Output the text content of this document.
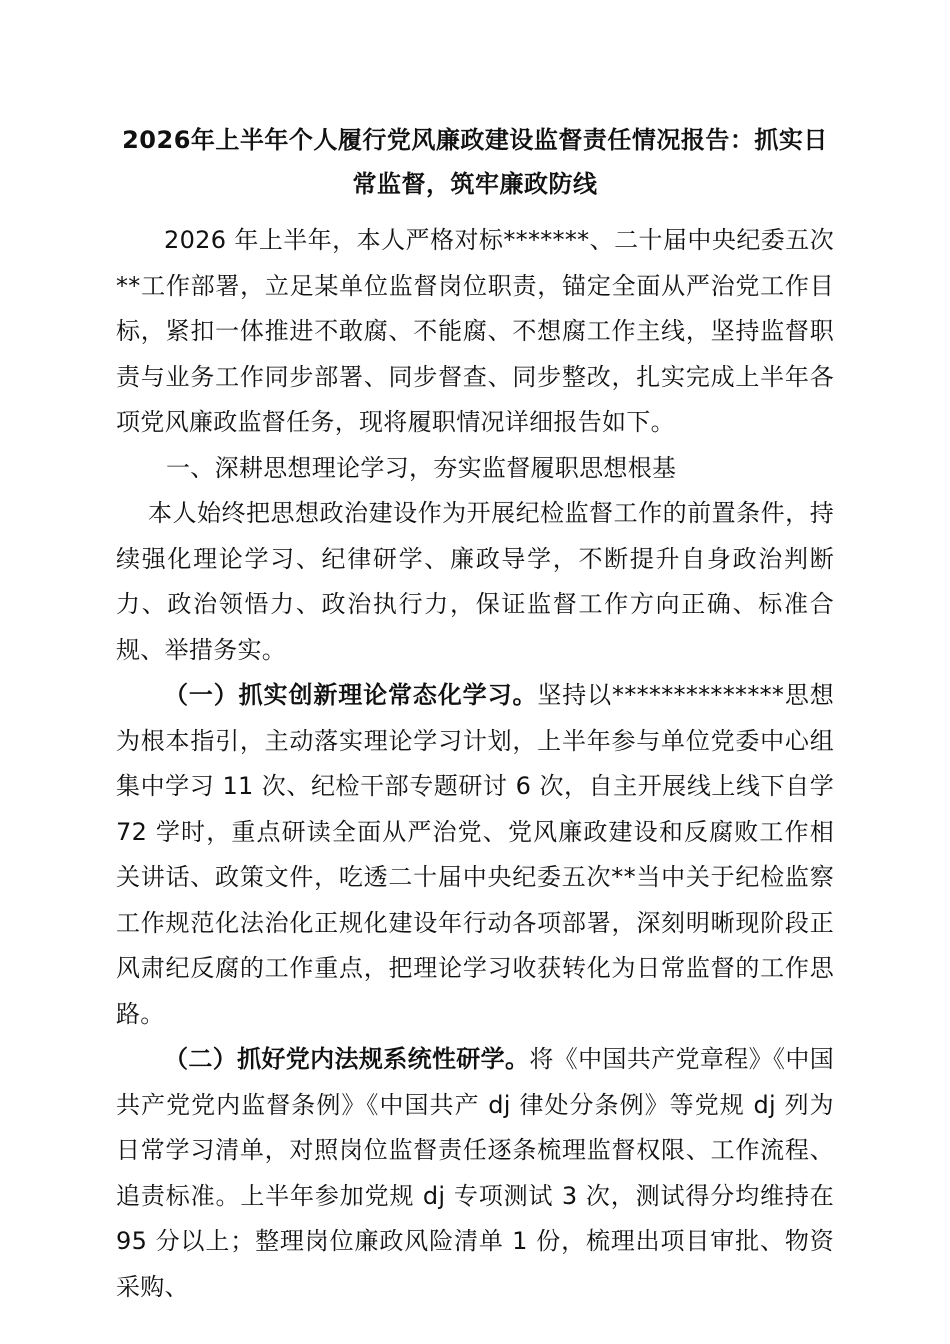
2026年上半年个人履行党风廉政建设监督责任情况报告：抓实日常监督，筑牢廉政防线

2026 年上半年，本人严格对标*******、二十届中央纪委五次**工作部署，立足某单位监督岗位职责，锚定全面从严治党工作目标，紧扣一体推进不敢腐、不能腐、不想腐工作主线，坚持监督职责与业务工作同步部署、同步督查、同步整改，扎实完成上半年各项党风廉政监督任务，现将履职情况详细报告如下。

一、深耕思想理论学习，夯实监督履职思想根基

本人始终把思想政治建设作为开展纪检监督工作的前置条件，持续强化理论学习、纪律研学、廉政导学，不断提升自身政治判断力、政治领悟力、政治执行力，保证监督工作方向正确、标准合规、举措务实。

（一）抓实创新理论常态化学习。坚持以**************思想为根本指引，主动落实理论学习计划，上半年参与单位党委中心组集中学习 11 次、纪检干部专题研讨 6 次，自主开展线上线下自学 72 学时，重点研读全面从严治党、党风廉政建设和反腐败工作相关讲话、政策文件，吃透二十届中央纪委五次**当中关于纪检监察工作规范化法治化正规化建设年行动各项部署，深刻明晰现阶段正风肃纪反腐的工作重点，把理论学习收获转化为日常监督的工作思路。

（二）抓好党内法规系统性研学。将《中国共产党章程》《中国共产党党内监督条例》《中国共产 dj 律处分条例》等党规 dj 列为日常学习清单，对照岗位监督责任逐条梳理监督权限、工作流程、追责标准。上半年参加党规 dj 专项测试 3 次，测试得分均维持在 95 分以上；整理岗位廉政风险清单 1 份，梳理出项目审批、物资采购、
